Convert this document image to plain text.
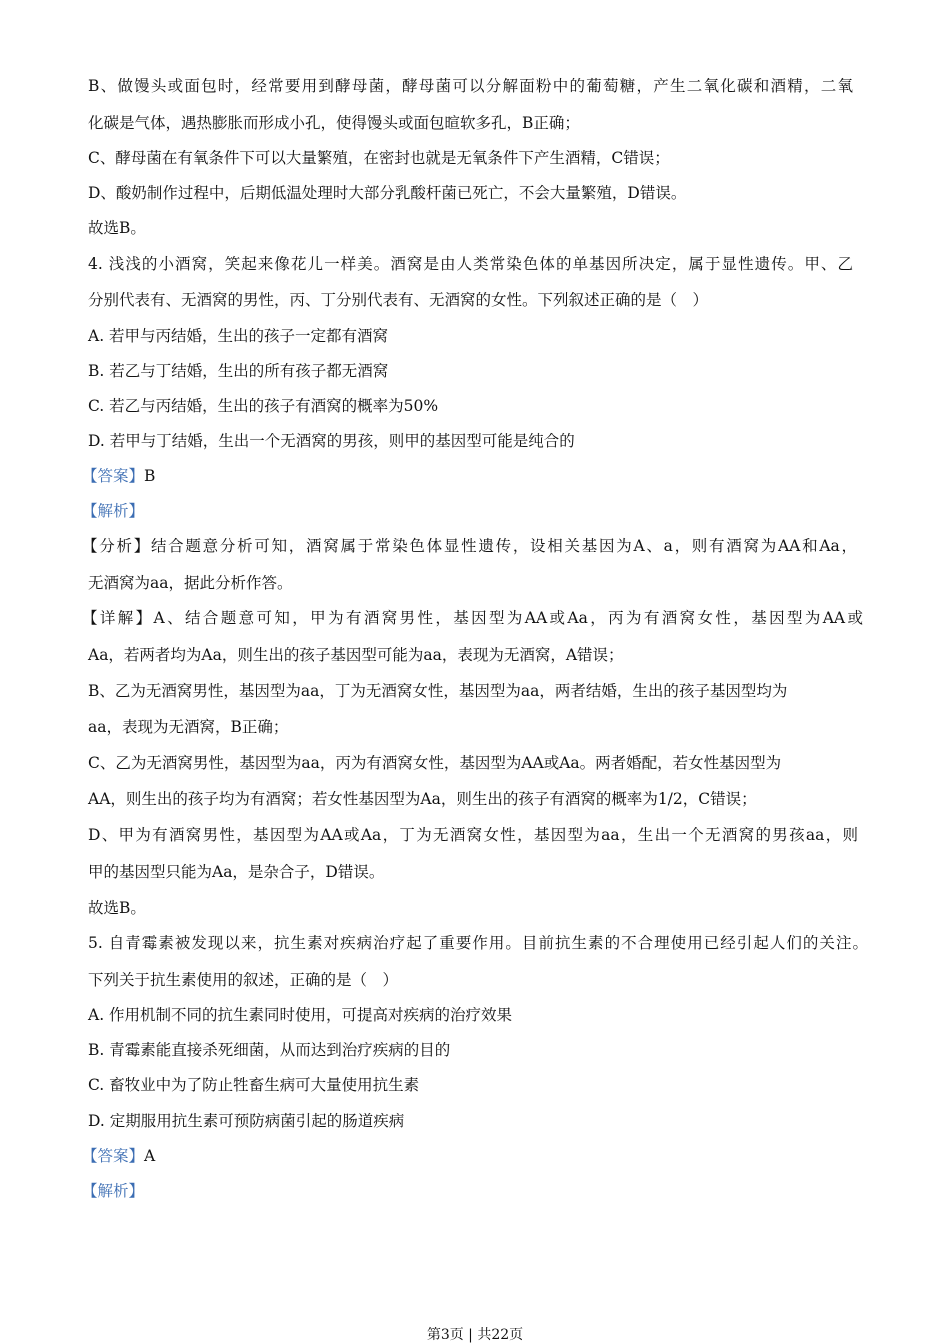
B、做馒头或面包时，经常要用到酵母菌，酵母菌可以分解面粉中的葡萄糖，产生二氧化碳和酒精，二氧
化碳是气体，遇热膨胀而形成小孔，使得馒头或面包暄软多孔，B正确；
C、酵母菌在有氧条件下可以大量繁殖，在密封也就是无氧条件下产生酒精，C错误；
D、酸奶制作过程中，后期低温处理时大部分乳酸杆菌已死亡，不会大量繁殖，D错误。
故选B。
4. 浅浅的小酒窝，笑起来像花儿一样美。酒窝是由人类常染色体的单基因所决定，属于显性遗传。甲、乙
分别代表有、无酒窝的男性，丙、丁分别代表有、无酒窝的女性。下列叙述正确的是（　）
A. 若甲与丙结婚，生出的孩子一定都有酒窝
B. 若乙与丁结婚，生出的所有孩子都无酒窝
C. 若乙与丙结婚，生出的孩子有酒窝的概率为50%
D. 若甲与丁结婚，生出一个无酒窝的男孩，则甲的基因型可能是纯合的
【答案】B
【解析】
【分析】结合题意分析可知，酒窝属于常染色体显性遗传，设相关基因为A、a，则有酒窝为AA和Aa，
无酒窝为aa，据此分析作答。
【详解】A、结合题意可知，甲为有酒窝男性，基因型为AA或Aa，丙为有酒窝女性，基因型为AA或
Aa，若两者均为Aa，则生出的孩子基因型可能为aa，表现为无酒窝，A错误；
B、乙为无酒窝男性，基因型为aa，丁为无酒窝女性，基因型为aa，两者结婚，生出的孩子基因型均为
aa，表现为无酒窝，B正确；
C、乙为无酒窝男性，基因型为aa，丙为有酒窝女性，基因型为AA或Aa。两者婚配，若女性基因型为
AA，则生出的孩子均为有酒窝；若女性基因型为Aa，则生出的孩子有酒窝的概率为1/2，C错误；
D、甲为有酒窝男性，基因型为AA或Aa，丁为无酒窝女性，基因型为aa，生出一个无酒窝的男孩aa，则
甲的基因型只能为Aa，是杂合子，D错误。
故选B。
5. 自青霉素被发现以来，抗生素对疾病治疗起了重要作用。目前抗生素的不合理使用已经引起人们的关注。
下列关于抗生素使用的叙述，正确的是（　）
A. 作用机制不同的抗生素同时使用，可提高对疾病的治疗效果
B. 青霉素能直接杀死细菌，从而达到治疗疾病的目的
C. 畜牧业中为了防止牲畜生病可大量使用抗生素
D. 定期服用抗生素可预防病菌引起的肠道疾病
【答案】A
【解析】
第3页 | 共22页
